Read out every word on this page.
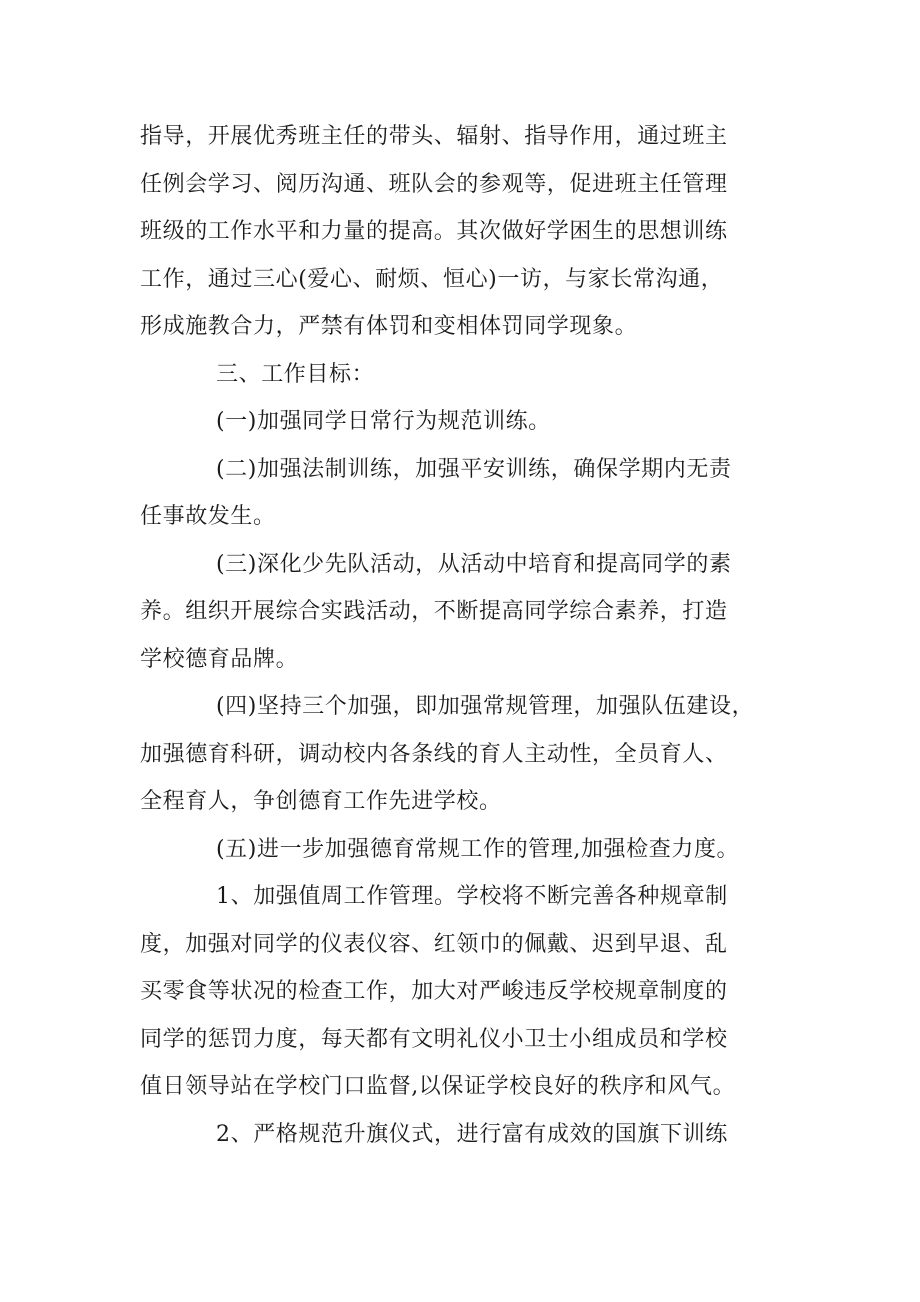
指导，开展优秀班主任的带头、辐射、指导作用，通过班主
任例会学习、阅历沟通、班队会的参观等，促进班主任管理
班级的工作水平和力量的提高。其次做好学困生的思想训练
工作，通过三心(爱心、耐烦、恒心)一访，与家长常沟通，
形成施教合力，严禁有体罚和变相体罚同学现象。
三、工作目标：
(一)加强同学日常行为规范训练。
(二)加强法制训练，加强平安训练，确保学期内无责
任事故发生。
(三)深化少先队活动，从活动中培育和提高同学的素
养。组织开展综合实践活动，不断提高同学综合素养，打造
学校德育品牌。
(四)坚持三个加强，即加强常规管理，加强队伍建设，
加强德育科研，调动校内各条线的育人主动性，全员育人、
全程育人，争创德育工作先进学校。
(五)进一步加强德育常规工作的管理,加强检查力度。
1、加强值周工作管理。学校将不断完善各种规章制
度，加强对同学的仪表仪容、红领巾的佩戴、迟到早退、乱
买零食等状况的检查工作，加大对严峻违反学校规章制度的
同学的惩罚力度，每天都有文明礼仪小卫士小组成员和学校
值日领导站在学校门口监督,以保证学校良好的秩序和风气。
2、严格规范升旗仪式，进行富有成效的国旗下训练
